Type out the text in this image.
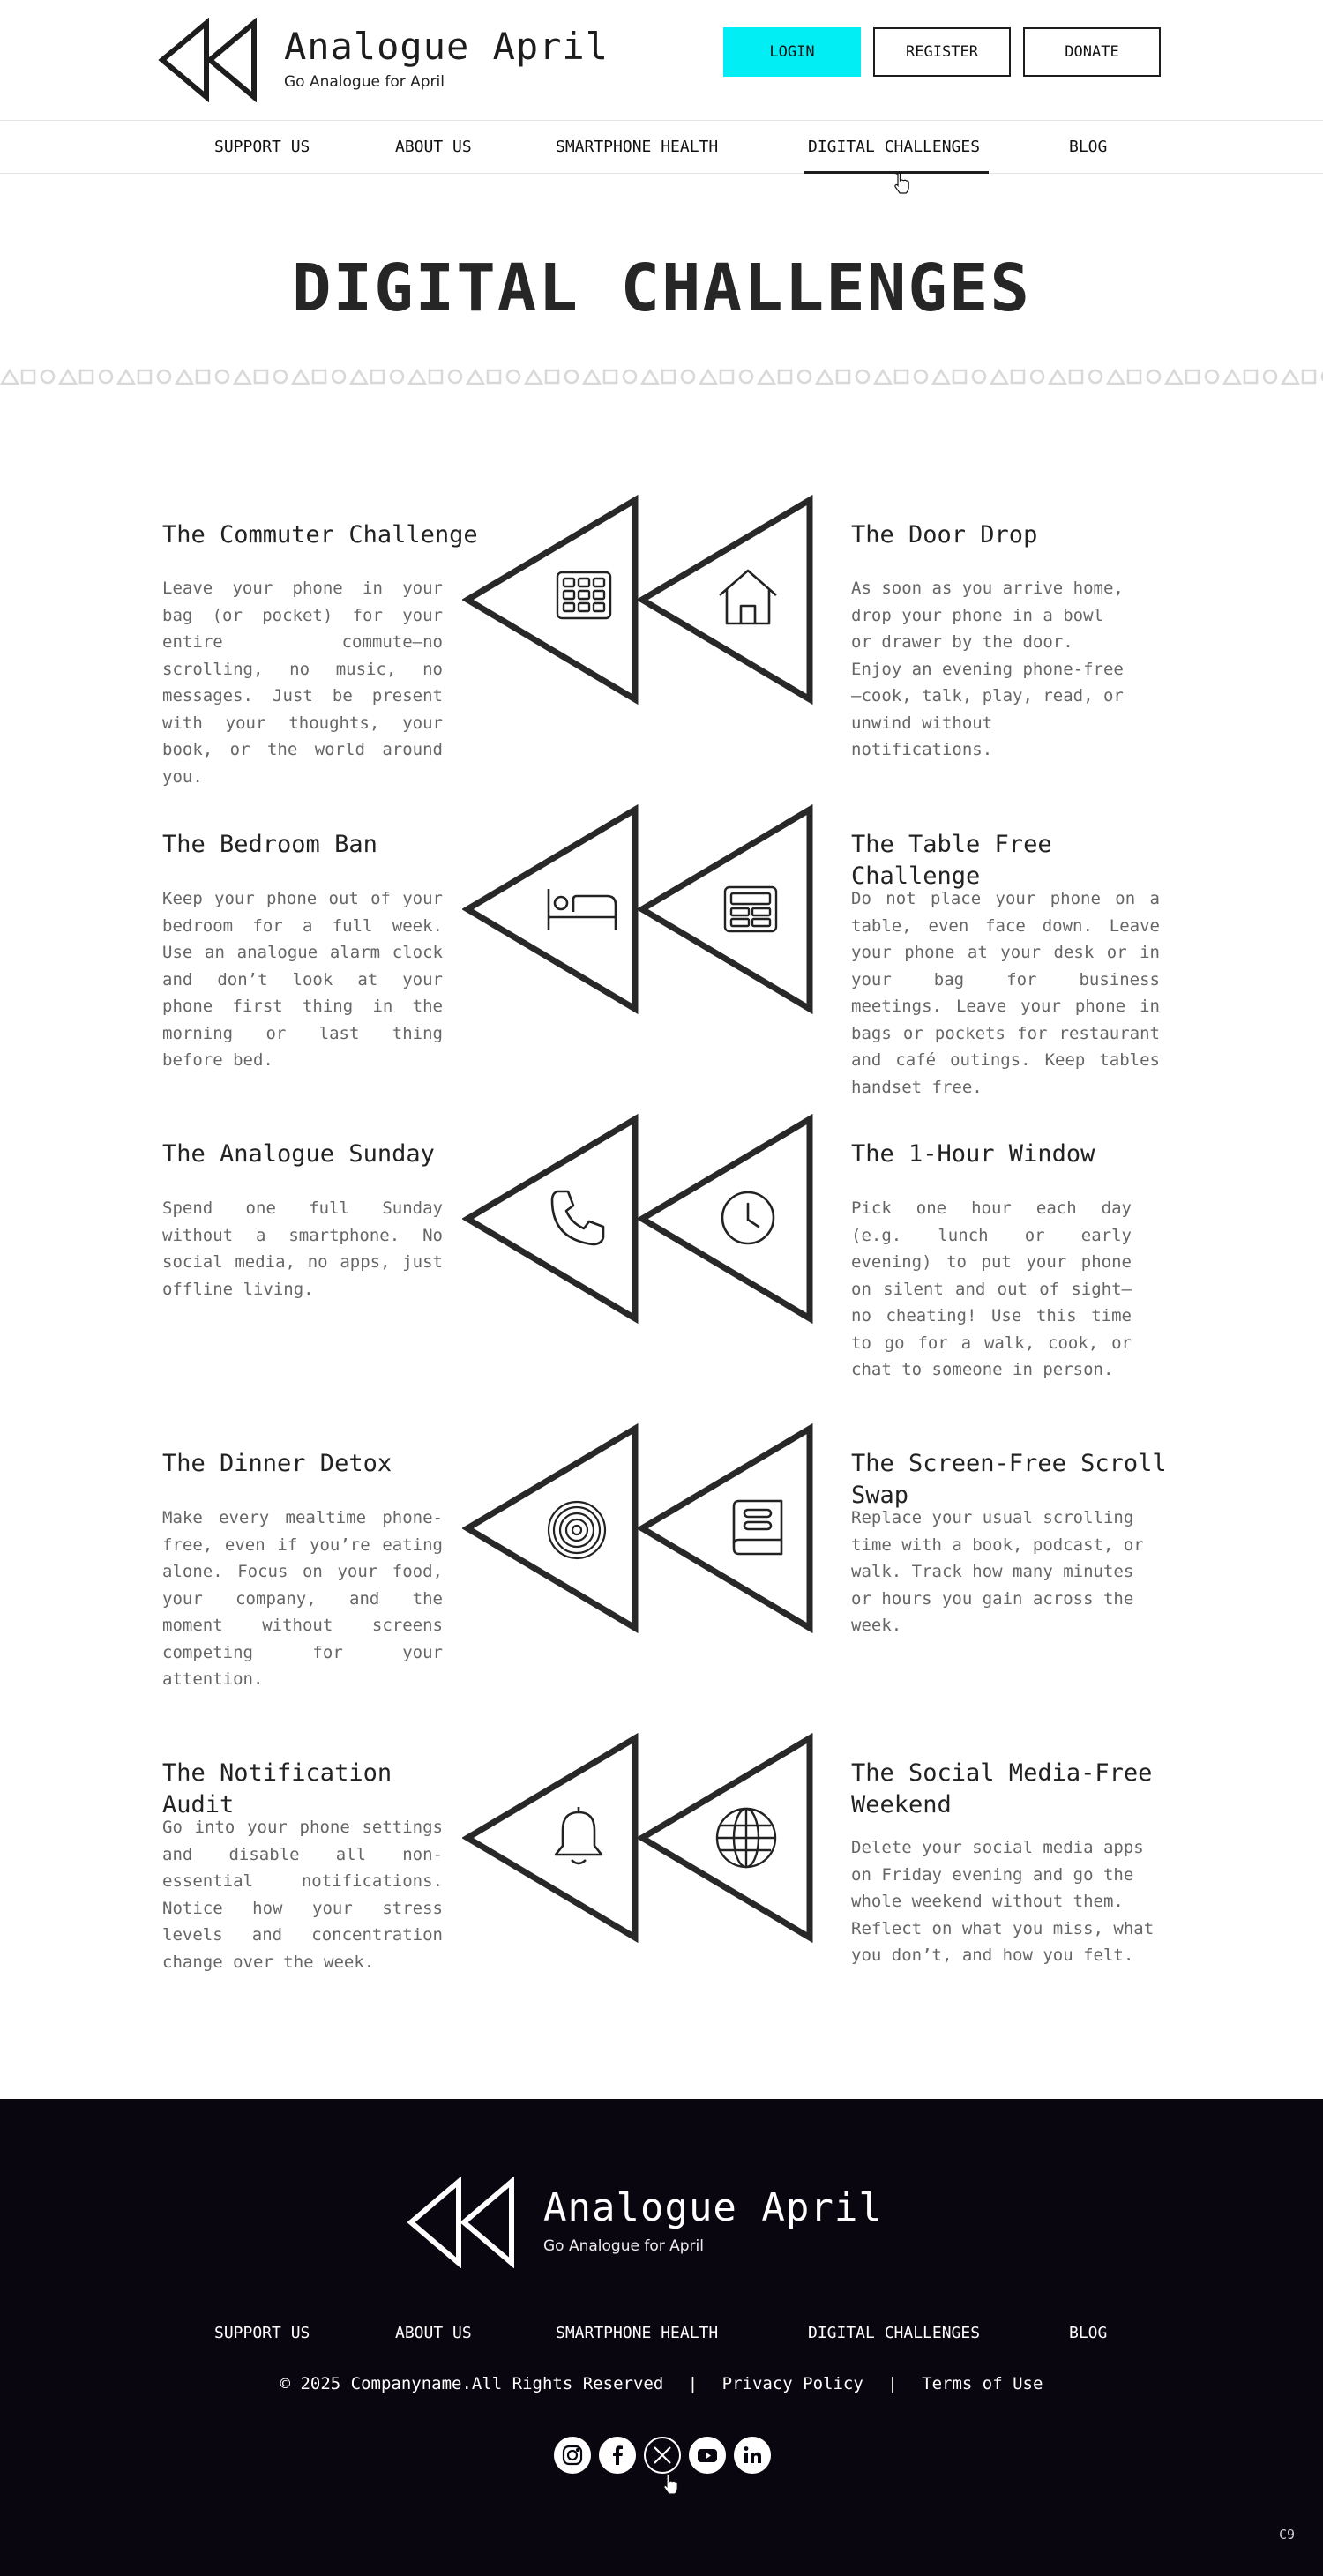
Analogue April
Go Analogue for April
LOGIN	REGISTER	DONATE
SUPPORT US	ABOUT US	SMARTPHONE HEALTH	DIGITAL CHALLENGES	BLOG
DIGITAL CHALLENGES
The Commuter Challenge
Leave your phone in your bag (or pocket) for your entire commute—no scrolling, no music, no messages. Just be present with your thoughts, your book, or the world around you.
The Door Drop
As soon as you arrive home, drop your phone in a bowl or drawer by the door. Enjoy an evening phone-free—cook, talk, play, read, or unwind without notifications.
The Bedroom Ban
Keep your phone out of your bedroom for a full week. Use an analogue alarm clock and don’t look at your phone first thing in the morning or last thing before bed.
The Table Free Challenge
Do not place your phone on a table, even face down. Leave your phone at your desk or in your bag for business meetings. Leave your phone in bags or pockets for restaurant and café outings. Keep tables handset free.
The Analogue Sunday
Spend one full Sunday without a smartphone. No social media, no apps, just offline living.
The 1-Hour Window
Pick one hour each day (e.g. lunch or early evening) to put your phone on silent and out of sight—no cheating! Use this time to go for a walk, cook, or chat to someone in person.
The Dinner Detox
Make every mealtime phone-free, even if you’re eating alone. Focus on your food, your company, and the moment without screens competing for your attention.
The Screen-Free Scroll Swap
Replace your usual scrolling time with a book, podcast, or walk. Track how many minutes or hours you gain across the week.
The Notification Audit
Go into your phone settings and disable all non-essential notifications. Notice how your stress levels and concentration change over the week.
The Social Media-Free Weekend
Delete your social media apps on Friday evening and go the whole weekend without them. Reflect on what you miss, what you don’t, and how you felt.
Analogue April
Go Analogue for April
SUPPORT US	ABOUT US	SMARTPHONE HEALTH	DIGITAL CHALLENGES	BLOG
© 2025 Companyname.All Rights Reserved | Privacy Policy | Terms of Use
C9
